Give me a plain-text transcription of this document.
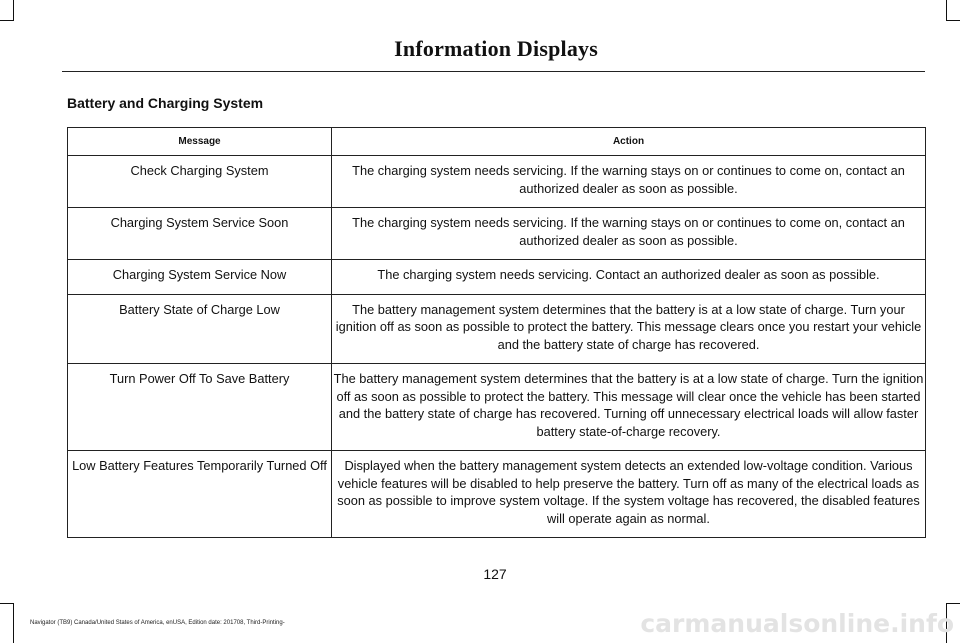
Information Displays
Battery and Charging System
Message	Action
Check Charging System	The charging system needs servicing. If the warning stays on or continues to come on, contact an authorized dealer as soon as possible.
Charging System Service Soon	The charging system needs servicing. If the warning stays on or continues to come on, contact an authorized dealer as soon as possible.
Charging System Service Now	The charging system needs servicing. Contact an authorized dealer as soon as possible.
Battery State of Charge Low	The battery management system determines that the battery is at a low state of charge. Turn your ignition off as soon as possible to protect the battery. This message clears once you restart your vehicle and the battery state of charge has recovered.
Turn Power Off To Save Battery	The battery management system determines that the battery is at a low state of charge. Turn the ignition off as soon as possible to protect the battery. This message will clear once the vehicle has been started and the battery state of charge has recovered. Turning off unnecessary electrical loads will allow faster battery state-of-charge recovery.
Low Battery Features Temporarily Turned Off	Displayed when the battery management system detects an extended low-voltage condition. Various vehicle features will be disabled to help preserve the battery. Turn off as many of the electrical loads as soon as possible to improve system voltage. If the system voltage has recovered, the disabled features will operate again as normal.
127
Navigator (TB9) Canada/United States of America, enUSA, Edition date: 201708, Third-Printing-	carmanualsonline.info
